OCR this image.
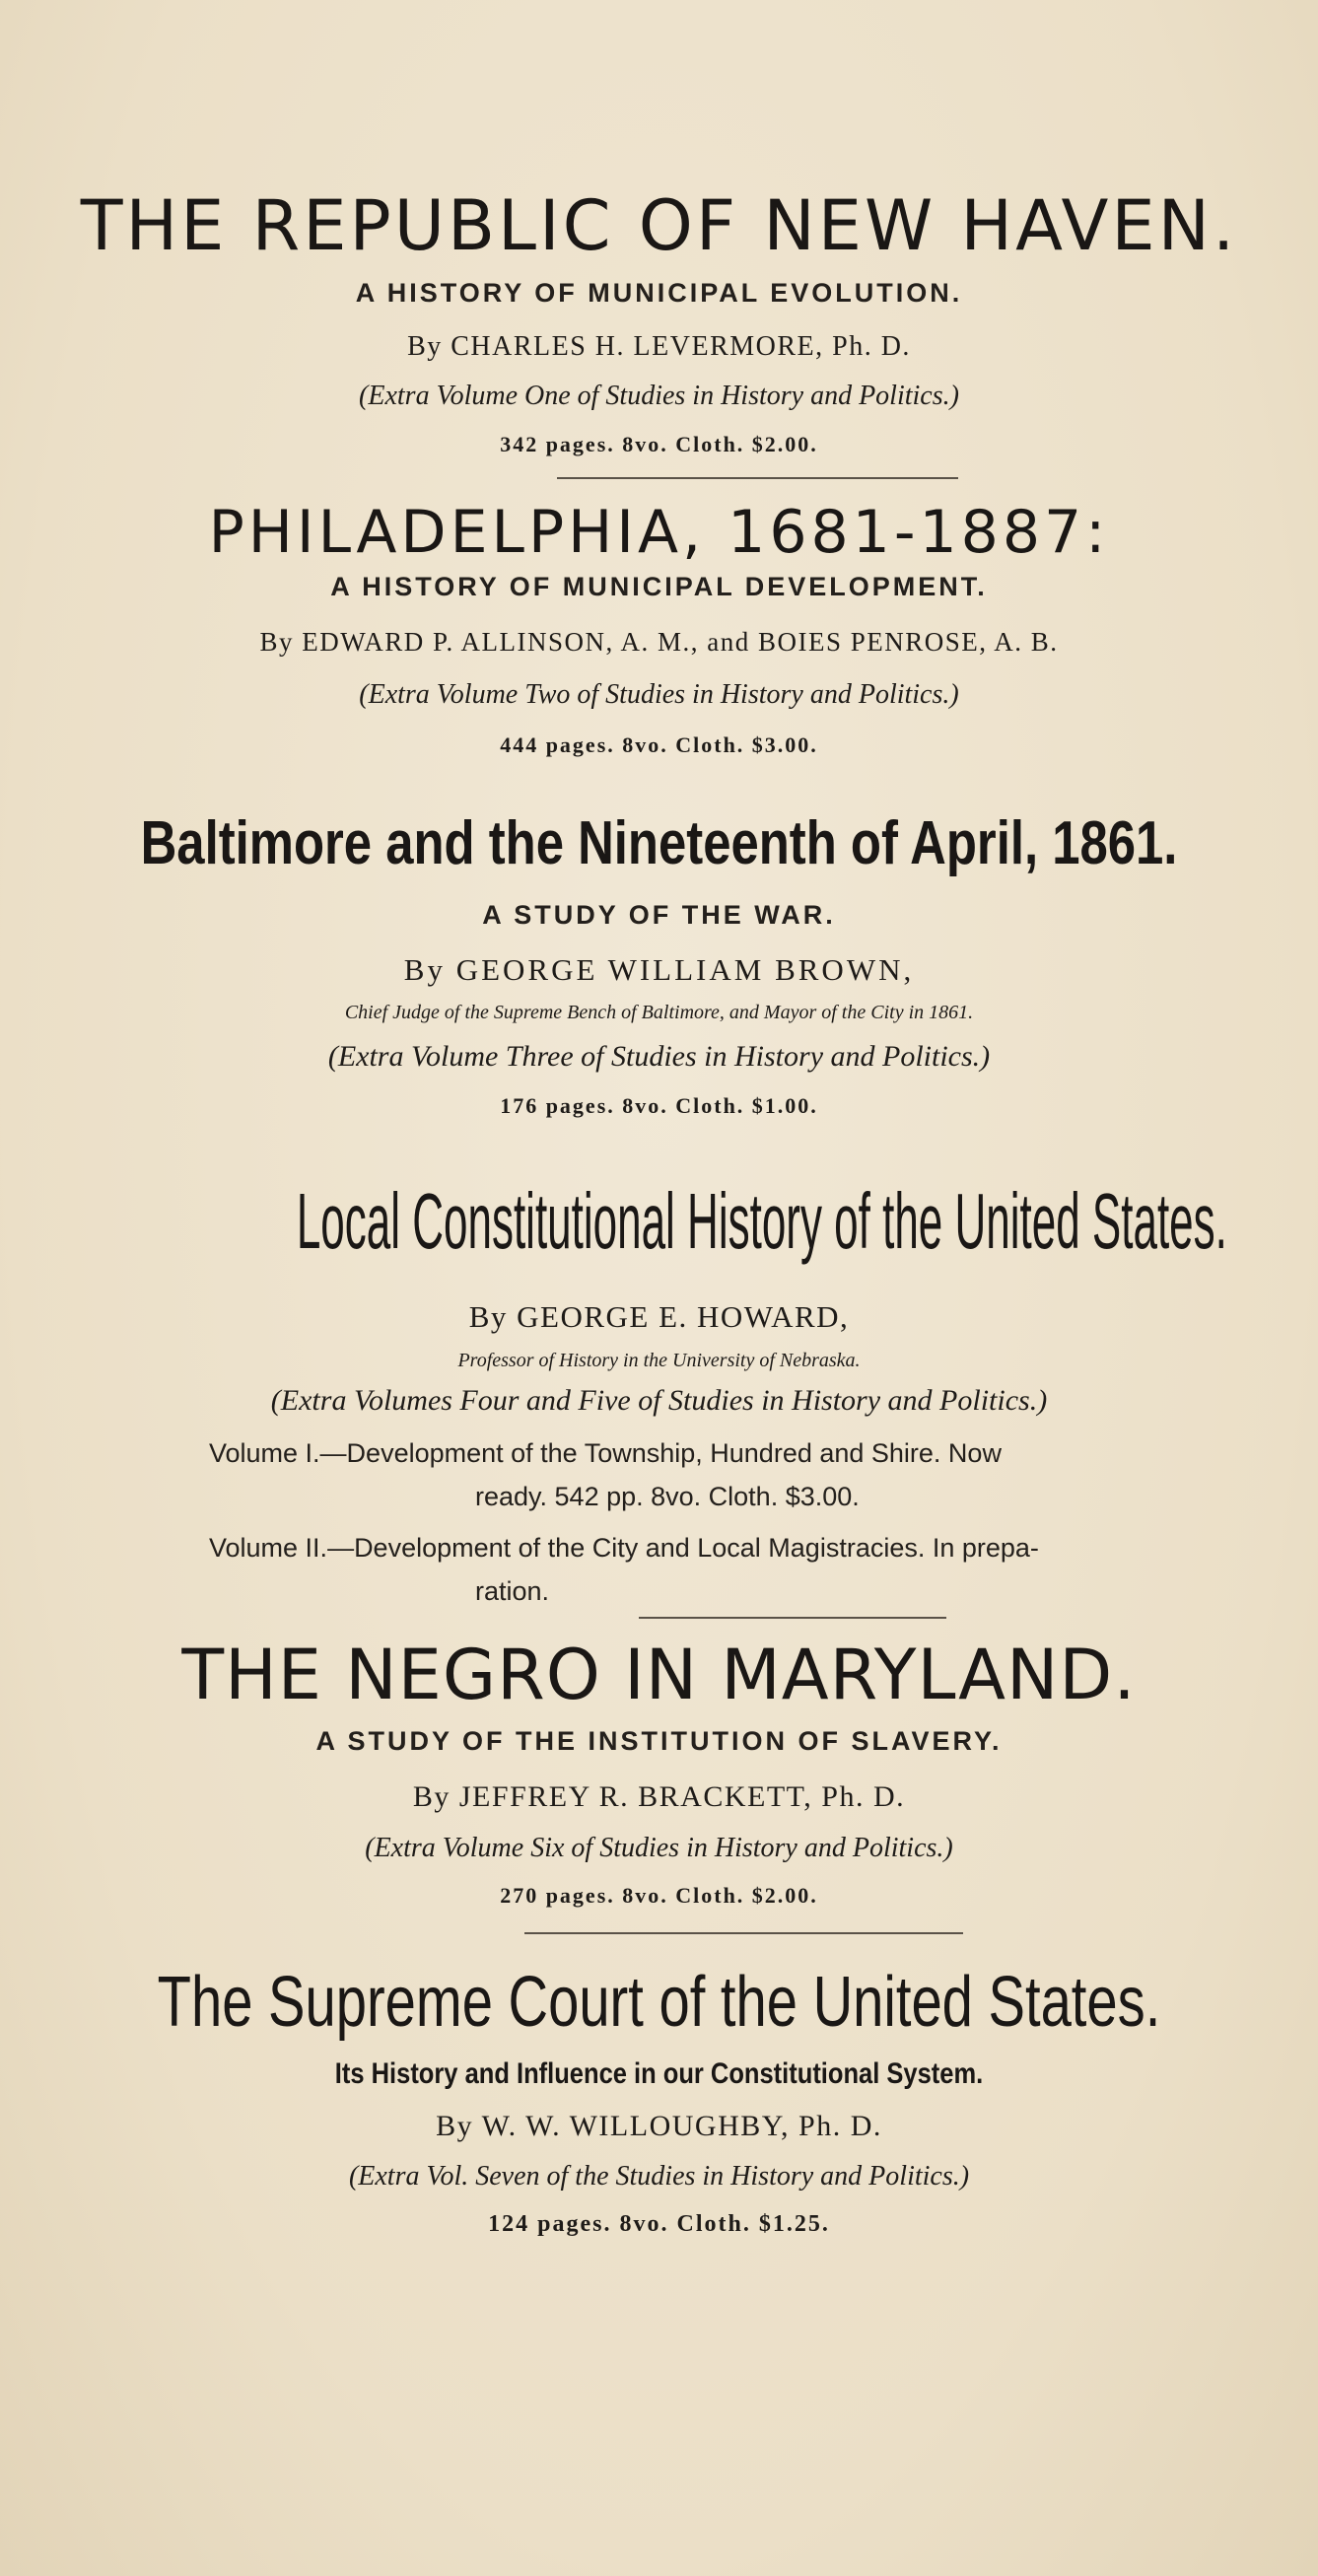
THE REPUBLIC OF NEW HAVEN.
A HISTORY OF MUNICIPAL EVOLUTION.
By CHARLES H. LEVERMORE, Ph. D.
(Extra Volume One of Studies in History and Politics.)
342 pages. 8vo. Cloth. $2.00.
PHILADELPHIA, 1681-1887:
A HISTORY OF MUNICIPAL DEVELOPMENT.
By EDWARD P. ALLINSON, A. M., and BOIES PENROSE, A. B.
(Extra Volume Two of Studies in History and Politics.)
444 pages. 8vo. Cloth. $3.00.
Baltimore and the Nineteenth of April, 1861.
A STUDY OF THE WAR.
By GEORGE WILLIAM BROWN,
Chief Judge of the Supreme Bench of Baltimore, and Mayor of the City in 1861.
(Extra Volume Three of Studies in History and Politics.)
176 pages. 8vo. Cloth. $1.00.
Local Constitutional History of the United States.
By GEORGE E. HOWARD,
Professor of History in the University of Nebraska.
(Extra Volumes Four and Five of Studies in History and Politics.)
Volume I.—Development of the Township, Hundred and Shire. Now
ready. 542 pp. 8vo. Cloth. $3.00.
Volume II.—Development of the City and Local Magistracies. In prepa-
ration.
THE NEGRO IN MARYLAND.
A STUDY OF THE INSTITUTION OF SLAVERY.
By JEFFREY R. BRACKETT, Ph. D.
(Extra Volume Six of Studies in History and Politics.)
270 pages. 8vo. Cloth. $2.00.
The Supreme Court of the United States.
Its History and Influence in our Constitutional System.
By W. W. WILLOUGHBY, Ph. D.
(Extra Vol. Seven of the Studies in History and Politics.)
124 pages. 8vo. Cloth. $1.25.
